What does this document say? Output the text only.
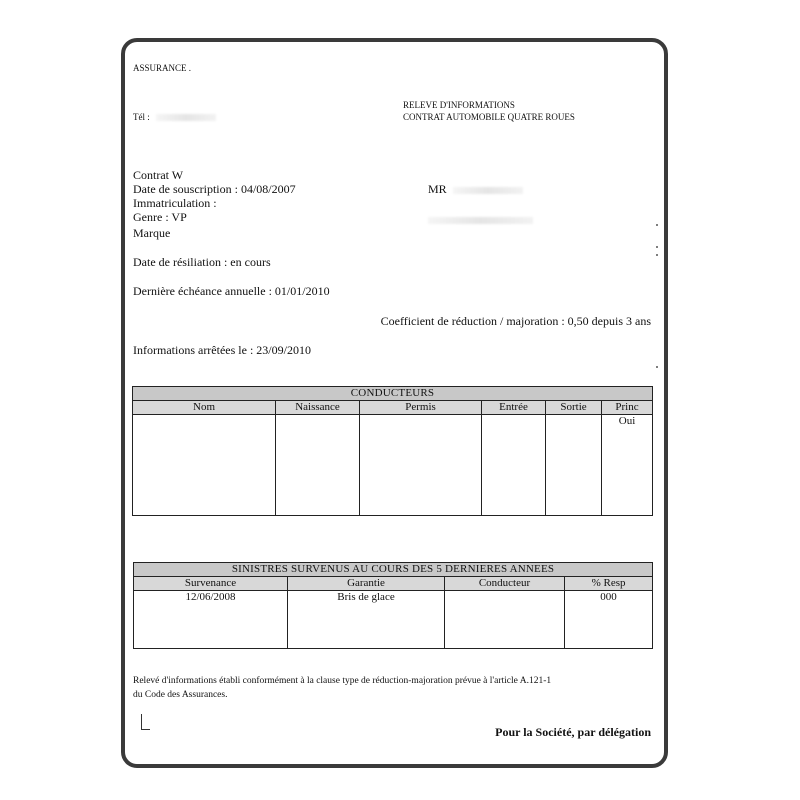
ASSURANCE .
Tél :
RELEVE D'INFORMATIONS
CONTRAT AUTOMOBILE QUATRE ROUES
Contrat W
Date de souscription : 04/08/2007
Immatriculation :
Genre : VP
Marque
MR
Date de résiliation : en cours
Dernière échéance annuelle : 01/01/2010
Coefficient de réduction / majoration : 0,50 depuis 3 ans
Informations arrêtées le : 23/09/2010
CONDUCTEURS					
Nom	Naissance	Permis	Entrée	Sortie	Princ
					Oui
SINISTRES SURVENUS AU COURS DES 5 DERNIERES ANNEES			
Survenance	Garantie	Conducteur	% Resp
12/06/2008	Bris de glace		000
Relevé d'informations établi conformément à la clause type de réduction-majoration prévue à l'article A.121-1
du Code des Assurances.
Pour la Société, par délégation
